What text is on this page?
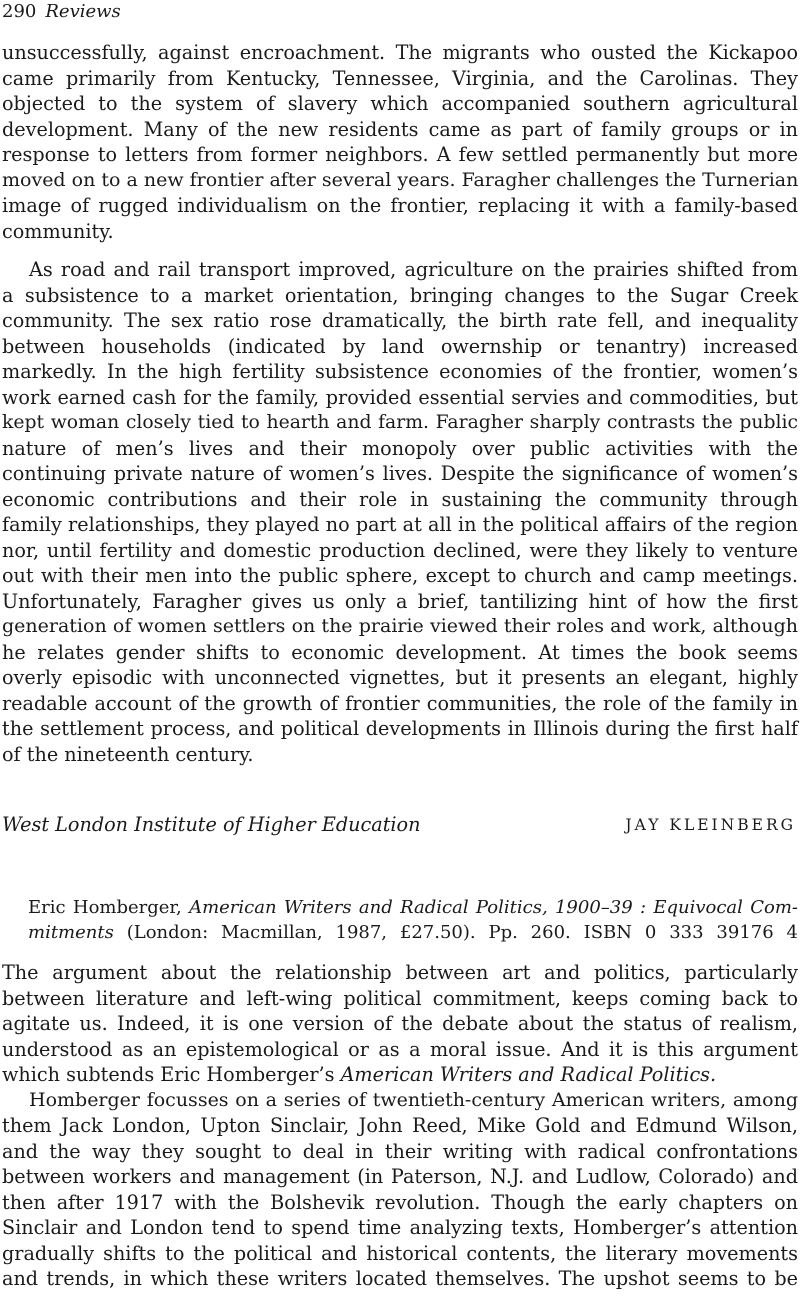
290 Reviews
unsuccessfully, against encroachment. The migrants who ousted the Kickapoo
came primarily from Kentucky, Tennessee, Virginia, and the Carolinas. They
objected to the system of slavery which accompanied southern agricultural
development. Many of the new residents came as part of family groups or in
response to letters from former neighbors. A few settled permanently but more
moved on to a new frontier after several years. Faragher challenges the Turnerian
image of rugged individualism on the frontier, replacing it with a family-based
community.
As road and rail transport improved, agriculture on the prairies shifted from
a subsistence to a market orientation, bringing changes to the Sugar Creek
community. The sex ratio rose dramatically, the birth rate fell, and inequality
between households (indicated by land owernship or tenantry) increased
markedly. In the high fertility subsistence economies of the frontier, women’s
work earned cash for the family, provided essential servies and commodities, but
kept woman closely tied to hearth and farm. Faragher sharply contrasts the public
nature of men’s lives and their monopoly over public activities with the
continuing private nature of women’s lives. Despite the significance of women’s
economic contributions and their role in sustaining the community through
family relationships, they played no part at all in the political affairs of the region
nor, until fertility and domestic production declined, were they likely to venture
out with their men into the public sphere, except to church and camp meetings.
Unfortunately, Faragher gives us only a brief, tantilizing hint of how the first
generation of women settlers on the prairie viewed their roles and work, although
he relates gender shifts to economic development. At times the book seems
overly episodic with unconnected vignettes, but it presents an elegant, highly
readable account of the growth of frontier communities, the role of the family in
the settlement process, and political developments in Illinois during the first half
of the nineteenth century.
West London Institute of Higher Education	JAY KLEINBERG
Eric Homberger, American Writers and Radical Politics, 1900–39 : Equivocal Com-
mitments (London: Macmillan, 1987, £27.50). Pp. 260. ISBN 0 333 39176 4
The argument about the relationship between art and politics, particularly
between literature and left-wing political commitment, keeps coming back to
agitate us. Indeed, it is one version of the debate about the status of realism,
understood as an epistemological or as a moral issue. And it is this argument
which subtends Eric Homberger’s American Writers and Radical Politics.
Homberger focusses on a series of twentieth-century American writers, among
them Jack London, Upton Sinclair, John Reed, Mike Gold and Edmund Wilson,
and the way they sought to deal in their writing with radical confrontations
between workers and management (in Paterson, N.J. and Ludlow, Colorado) and
then after 1917 with the Bolshevik revolution. Though the early chapters on
Sinclair and London tend to spend time analyzing texts, Homberger’s attention
gradually shifts to the political and historical contents, the literary movements
and trends, in which these writers located themselves. The upshot seems to be
